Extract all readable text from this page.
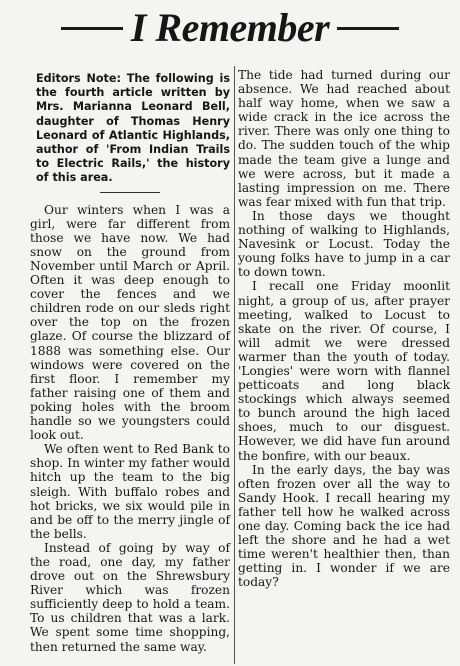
I Remember
Editors Note: The following is the fourth article written by Mrs. Marianna Leonard Bell, daughter of Thomas Henry Leonard of Atlantic Highlands, author of 'From Indian Trails to Electric Rails,' the history of this area.

Our winters when I was a girl, were far different from those we have now. We had snow on the ground from November until March or April. Often it was deep enough to cover the fences and we children rode on our sleds right over the top on the frozen glaze. Of course the blizzard of 1888 was something else. Our windows were covered on the first floor. I remember my father raising one of them and poking holes with the broom handle so we youngsters could look out.

We often went to Red Bank to shop. In winter my father would hitch up the team to the big sleigh. With buffalo robes and hot bricks, we six would pile in and be off to the merry jingle of the bells.

Instead of going by way of the road, one day, my father drove out on the Shrewsbury River which was frozen sufficiently deep to hold a team. To us children that was a lark. We spent some time shopping, then returned the same way.

The tide had turned during our absence. We had reached about half way home, when we saw a wide crack in the ice across the river. There was only one thing to do. The sudden touch of the whip made the team give a lunge and we were across, but it made a lasting impression on me. There was fear mixed with fun that trip.

In those days we thought nothing of walking to Highlands, Navesink or Locust. Today the young folks have to jump in a car to down town.

I recall one Friday moonlit night, a group of us, after prayer meeting, walked to Locust to skate on the river. Of course, I will admit we were dressed warmer than the youth of today. 'Longies' were worn with flannel petticoats and long black stockings which always seemed to bunch around the high laced shoes, much to our disguest. However, we did have fun around the bonfire, with our beaux.

In the early days, the bay was often frozen over all the way to Sandy Hook. I recall hearing my father tell how he walked across one day. Coming back the ice had left the shore and he had a wet time weren't healthier then, than getting in. I wonder if we are today?
